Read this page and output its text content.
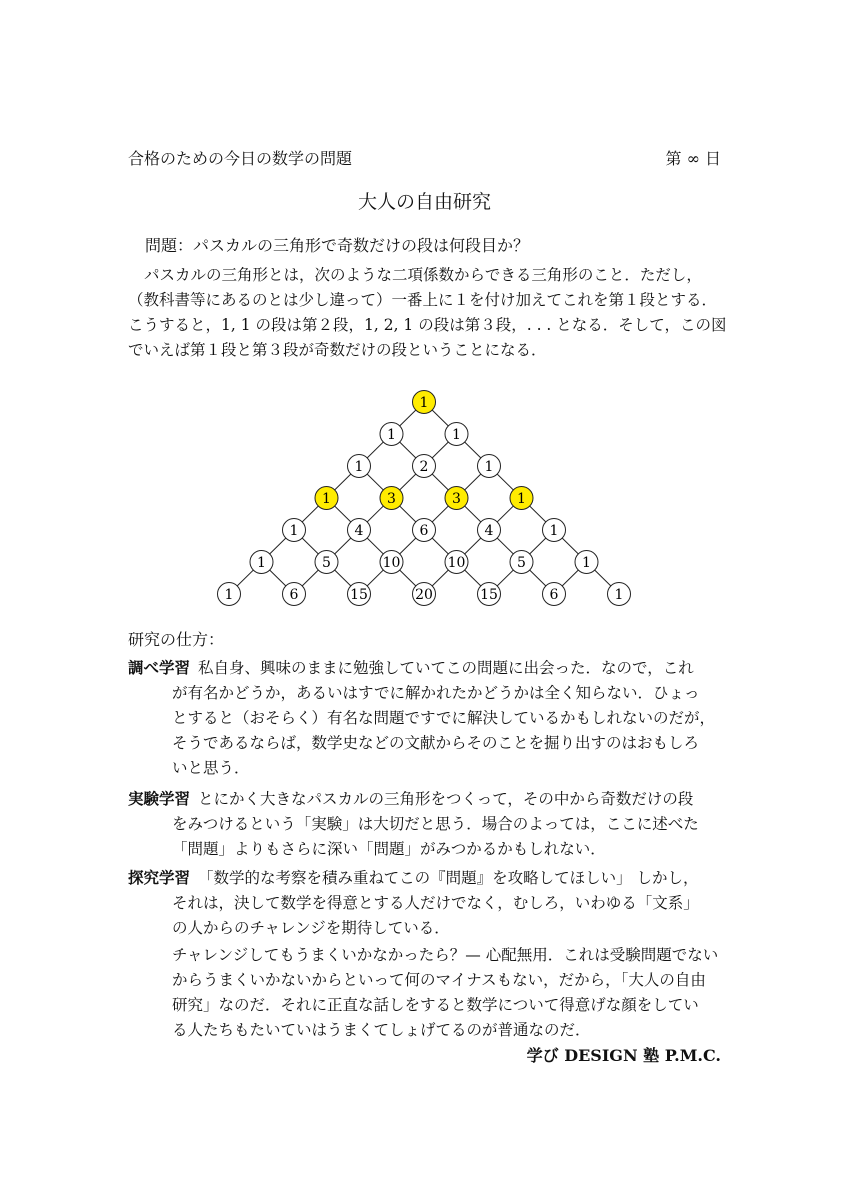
合格のための今日の数学の問題	第 ∞ 日
大人の自由研究
問題：パスカルの三角形で奇数だけの段は何段目か？
パスカルの三角形とは，次のような二項係数からできる三角形のこと．ただし，
（教科書等にあるのとは少し違って）一番上に１を付け加えてこれを第１段とする．
こうすると，1, 1 の段は第２段，1, 2, 1 の段は第３段，. . . となる．そして，この図
でいえば第１段と第３段が奇数だけの段ということになる．
1
1	1
1	2	1
1	3	3	1
1	4	6	4	1
1	5	10	10	5	1
1	6	15	20	15	6	1
研究の仕方：
調べ学習 私自身、興味のままに勉強していてこの問題に出会った．なので，これ
が有名かどうか，あるいはすでに解かれたかどうかは全く知らない．ひょっ
とすると（おそらく）有名な問題ですでに解決しているかもしれないのだが，
そうであるならば，数学史などの文献からそのことを掘り出すのはおもしろ
いと思う．
実験学習 とにかく大きなパスカルの三角形をつくって，その中から奇数だけの段
をみつけるという「実験」は大切だと思う．場合のよっては，ここに述べた
「問題」よりもさらに深い「問題」がみつかるかもしれない．
探究学習 「数学的な考察を積み重ねてこの『問題』を攻略してほしい」 しかし，
それは，決して数学を得意とする人だけでなく，むしろ，いわゆる「文系」
の人からのチャレンジを期待している．
チャレンジしてもうまくいかなかったら？— 心配無用．これは受験問題でない
からうまくいかないからといって何のマイナスもない，だから，「大人の自由
研究」なのだ．それに正直な話しをすると数学について得意げな顔をしてい
る人たちもたいていはうまくてしょげてるのが普通なのだ．
学び DESIGN 塾 P.M.C.
